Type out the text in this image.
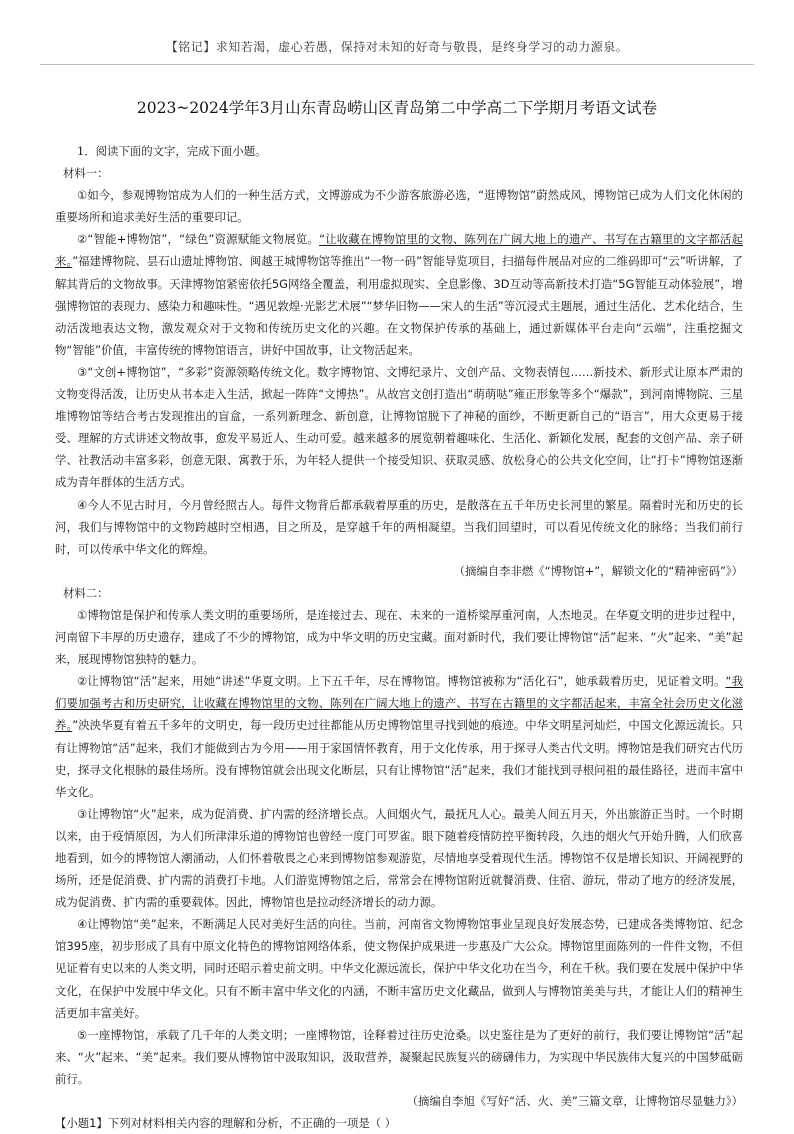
【铭记】求知若渴，虚心若愚，保持对未知的好奇与敬畏，是终身学习的动力源泉。
2023~2024学年3月山东青岛崂山区青岛第二中学高二下学期月考语文试卷

1．阅读下面的文字，完成下面小题。

材料一：

①如今，参观博物馆成为人们的一种生活方式，文博游成为不少游客旅游必选，“逛博物馆”蔚然成风，博物馆已成为人们文化休闲的重要场所和追求美好生活的重要印记。

②“智能+博物馆”，“绿色”资源赋能文物展览。“让收藏在博物馆里的文物、陈列在广阔大地上的遗产、书写在古籍里的文字都活起来。”福建博物院、昙石山遗址博物馆、闽越王城博物馆等推出“一物一码”智能导览项目，扫描每件展品对应的二维码即可“云”听讲解，了解其背后的文物故事。天津博物馆紧密依托5G网络全覆盖，利用虚拟现实、全息影像、3D互动等高新技术打造“5G智能互动体验展”，增强博物馆的表现力、感染力和趣味性。“遇见敦煌·光影艺术展”“梦华旧物——宋人的生活”等沉浸式主题展，通过生活化、艺术化结合，生动活泼地表达文物，激发观众对于文物和传统历史文化的兴趣。在文物保护传承的基础上，通过新媒体平台走向“云端”，注重挖掘文物“智能”价值，丰富传统的博物馆语言，讲好中国故事，让文物活起来。

③“文创+博物馆”，“多彩”资源领略传统文化。数字博物馆、文博纪录片、文创产品、文物表情包……新技术、新形式让原本严肃的文物变得活泼，让历史从书本走入生活，掀起一阵阵“文博热”。从故宫文创打造出“萌萌哒”雍正形象等多个“爆款”，到河南博物院、三星堆博物馆等结合考古发现推出的盲盒，一系列新理念、新创意，让博物馆脱下了神秘的面纱，不断更新自己的“语言”，用大众更易于接受、理解的方式讲述文物故事，愈发平易近人、生动可爱。越来越多的展览朝着趣味化、生活化、新颖化发展，配套的文创产品、亲子研学、社教活动丰富多彩，创意无限、寓教于乐，为年轻人提供一个接受知识、获取灵感、放松身心的公共文化空间，让“打卡”博物馆逐渐成为青年群体的生活方式。

④今人不见古时月，今月曾经照古人。每件文物背后都承载着厚重的历史，是散落在五千年历史长河里的繁星。隔着时光和历史的长河，我们与博物馆中的文物跨越时空相遇，目之所及，是穿越千年的两相凝望。当我们回望时，可以看见传统文化的脉络；当我们前行时，可以传承中华文化的辉煌。

（摘编自李非燃《“博物馆+”，解锁文化的“精神密码”》）

材料二：

①博物馆是保护和传承人类文明的重要场所，是连接过去、现在、未来的一道桥梁厚重河南，人杰地灵。在华夏文明的进步过程中，河南留下丰厚的历史遗存，建成了不少的博物馆，成为中华文明的历史宝藏。面对新时代，我们要让博物馆“活”起来、“火”起来、“美”起来，展现博物馆独特的魅力。

②让博物馆“活”起来，用她“讲述”华夏文明。上下五千年，尽在博物馆。博物馆被称为“活化石”，她承载着历史，见证着文明。“我们要加强考古和历史研究，让收藏在博物馆里的文物、陈列在广阔大地上的遗产、书写在古籍里的文字都活起来，丰富全社会历史文化滋养。”泱泱华夏有着五千多年的文明史，每一段历史过往都能从历史博物馆里寻找到她的痕迹。中华文明星河灿烂，中国文化源远流长。只有让博物馆“活”起来，我们才能做到古为今用——用于家国情怀教育，用于文化传承，用于探寻人类古代文明。博物馆是我们研究古代历史，探寻文化根脉的最佳场所。没有博物馆就会出现文化断层，只有让博物馆“活”起来，我们才能找到寻根问祖的最佳路径，进而丰富中华文化。

③让博物馆“火”起来，成为促消费、扩内需的经济增长点。人间烟火气，最抚凡人心。最美人间五月天，外出旅游正当时。一个时期以来，由于疫情原因，为人们所津津乐道的博物馆也曾经一度门可罗雀。眼下随着疫情防控平衡转段，久违的烟火气开始升腾，人们欣喜地看到，如今的博物馆人潮涌动，人们怀着敬畏之心来到博物馆参观游览，尽情地享受着现代生活。博物馆不仅是增长知识、开阔视野的场所，还是促消费、扩内需的消费打卡地。人们游览博物馆之后，常常会在博物馆附近就餐消费、住宿、游玩，带动了地方的经济发展，成为促消费、扩内需的重要载体。因此，博物馆也是拉动经济增长的动力源。

④让博物馆“美”起来，不断满足人民对美好生活的向往。当前，河南省文物博物馆事业呈现良好发展态势，已建成各类博物馆、纪念馆395座，初步形成了具有中原文化特色的博物馆网络体系，使文物保护成果进一步惠及广大公众。博物馆里面陈列的一件件文物，不但见证着有史以来的人类文明，同时还昭示着史前文明。中华文化源远流长，保护中华文化功在当今，利在千秋。我们要在发展中保护中华文化，在保护中发展中华文化。只有不断丰富中华文化的内涵，不断丰富历史文化藏品，做到人与博物馆美美与共，才能让人们的精神生活更加丰富美好。

⑤一座博物馆，承载了几千年的人类文明；一座博物馆，诠释着过往历史沧桑。以史鉴往是为了更好的前行，我们要让博物馆“活”起来、“火”起来、“美”起来。我们要从博物馆中汲取知识，汲取营养，凝聚起民族复兴的磅礴伟力，为实现中华民族伟大复兴的中国梦砥砺前行。

（摘编自李旭《写好“活、火、美”三篇文章，让博物馆尽显魅力》）

【小题1】下列对材料相关内容的理解和分析，不正确的一项是（ ）
